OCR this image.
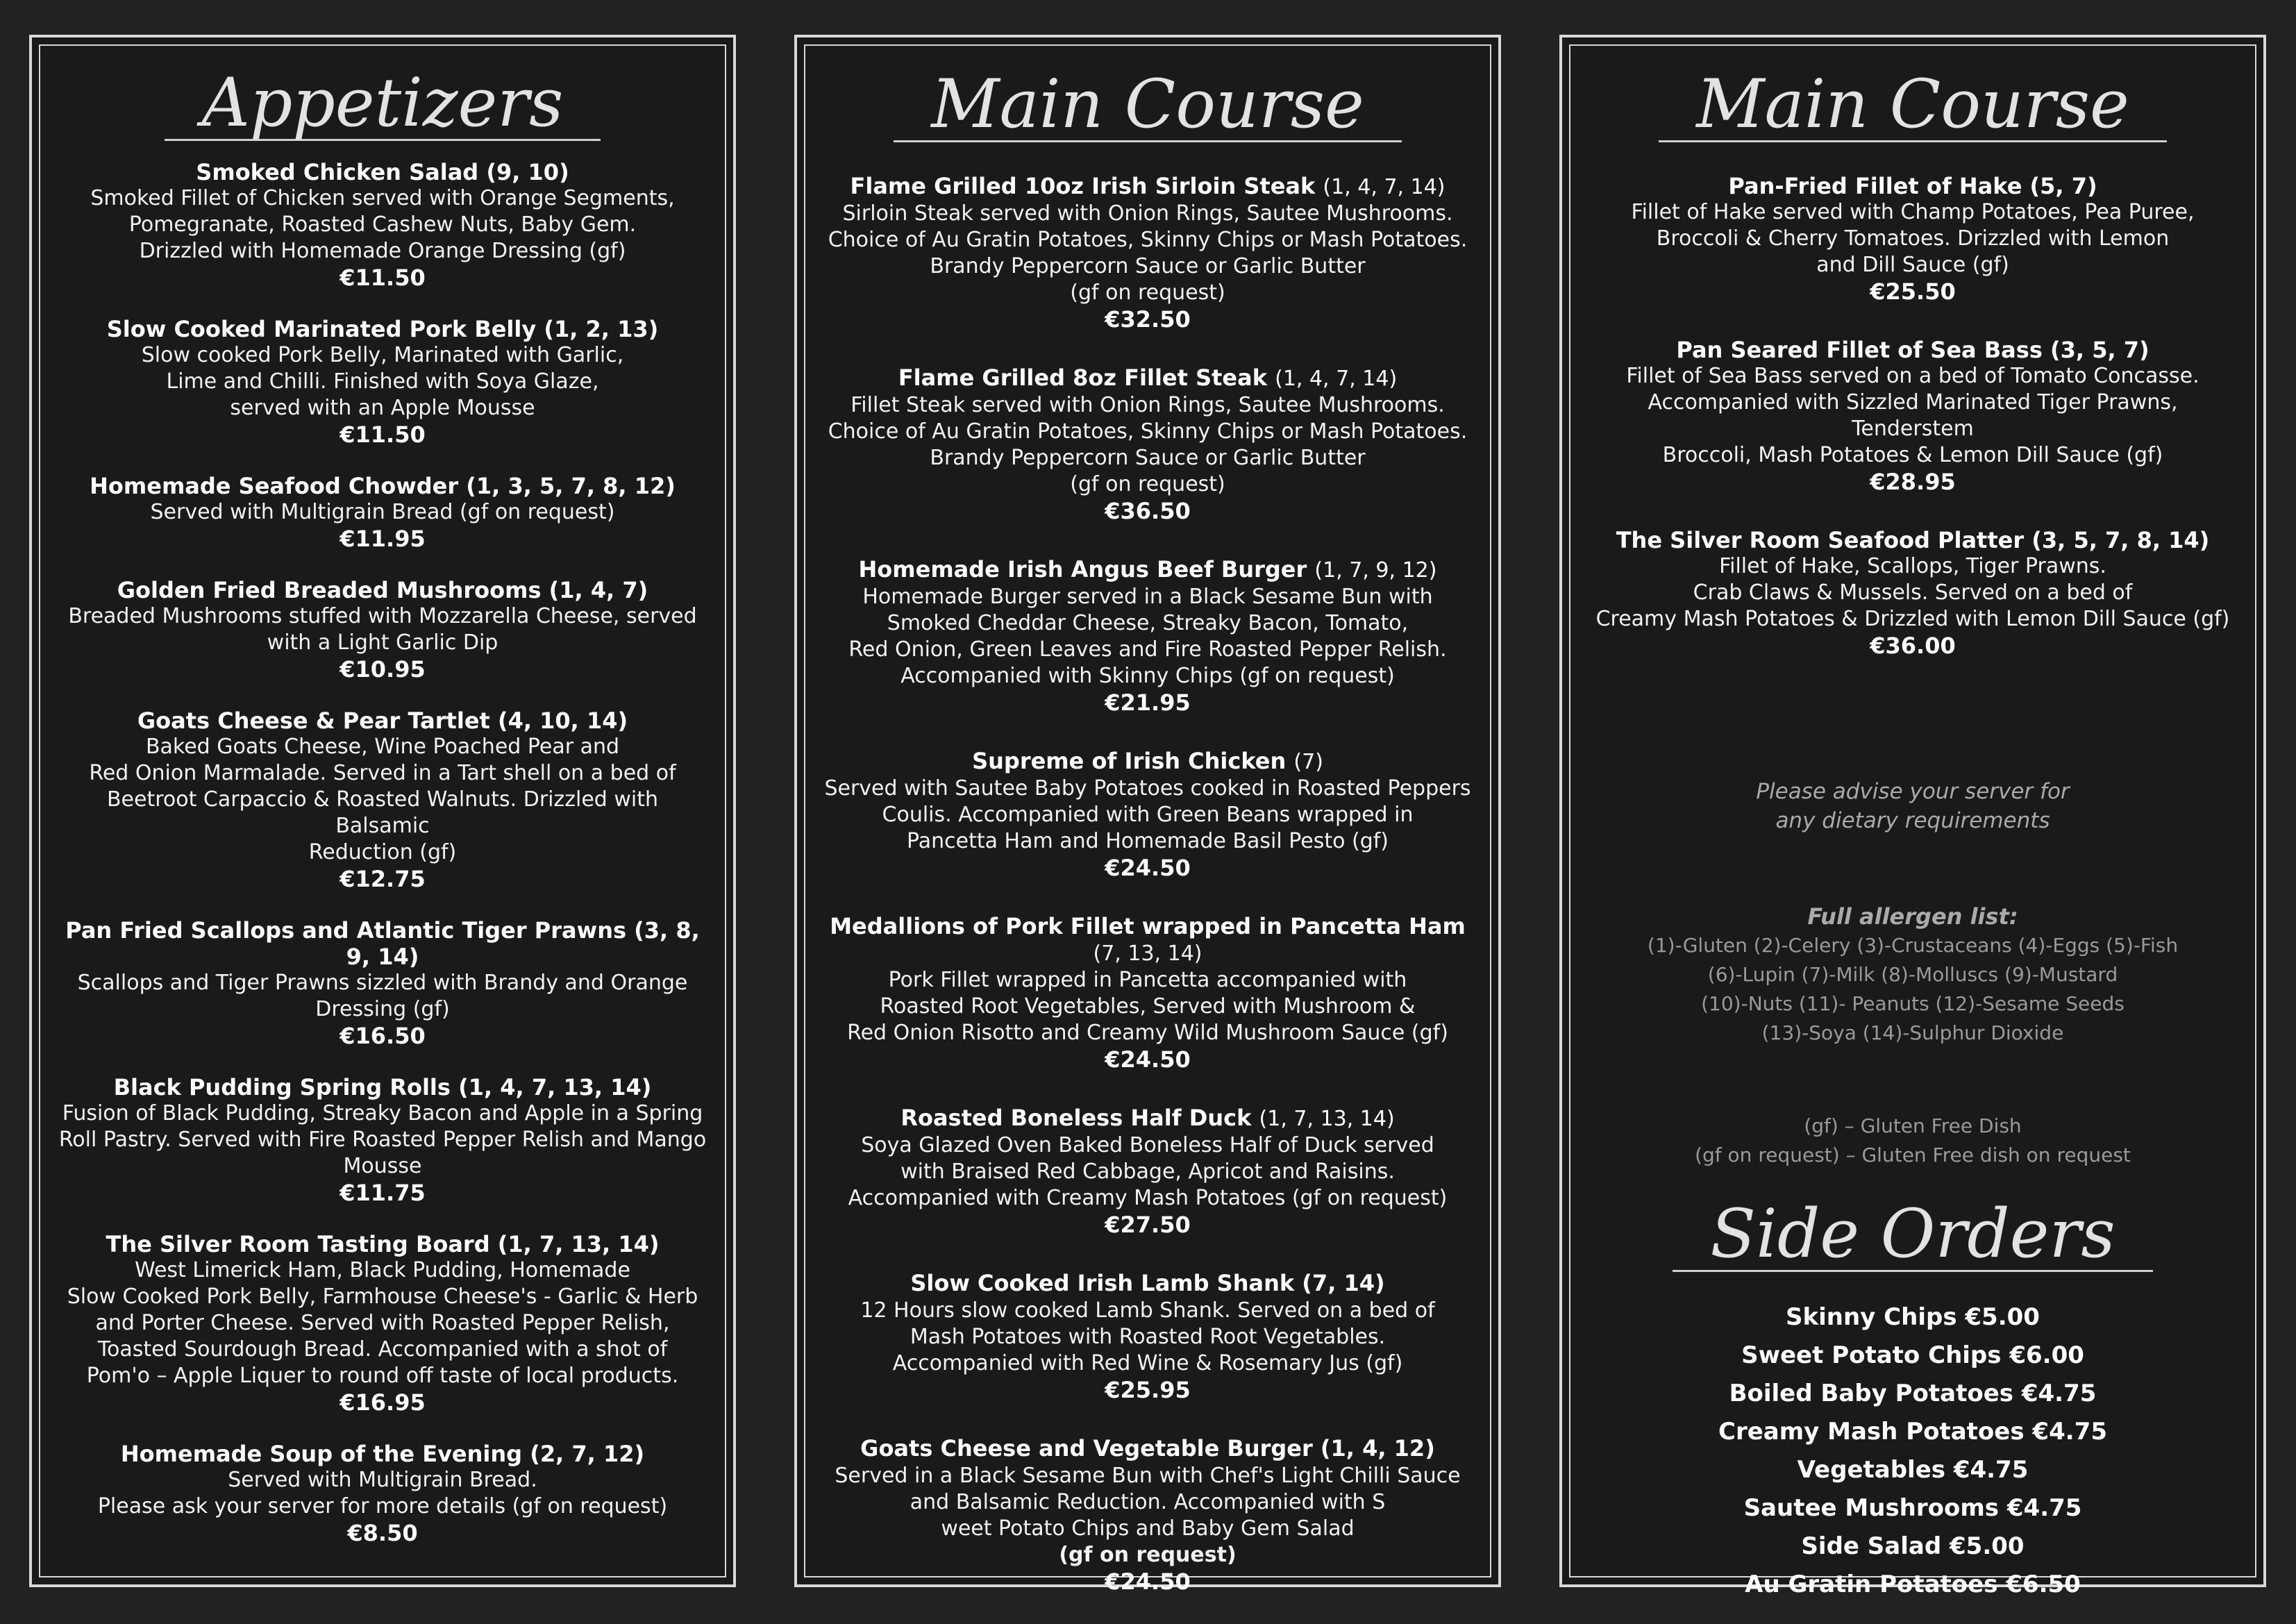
Appetizers
Smoked Chicken Salad (9, 10)
Smoked Fillet of Chicken served with Orange Segments,
Pomegranate, Roasted Cashew Nuts, Baby Gem.
Drizzled with Homemade Orange Dressing (gf)
€11.50
Slow Cooked Marinated Pork Belly (1, 2, 13)
Slow cooked Pork Belly, Marinated with Garlic,
Lime and Chilli. Finished with Soya Glaze,
served with an Apple Mousse
€11.50
Homemade Seafood Chowder (1, 3, 5, 7, 8, 12)
Served with Multigrain Bread (gf on request)
€11.95
Golden Fried Breaded Mushrooms (1, 4, 7)
Breaded Mushrooms stuffed with Mozzarella Cheese, served
with a Light Garlic Dip
€10.95
Goats Cheese & Pear Tartlet (4, 10, 14)
Baked Goats Cheese, Wine Poached Pear and
Red Onion Marmalade. Served in a Tart shell on a bed of
Beetroot Carpaccio & Roasted Walnuts. Drizzled with Balsamic
Reduction (gf)
€12.75
Pan Fried Scallops and Atlantic Tiger Prawns (3, 8, 9, 14)
Scallops and Tiger Prawns sizzled with Brandy and Orange
Dressing (gf)
€16.50
Black Pudding Spring Rolls (1, 4, 7, 13, 14)
Fusion of Black Pudding, Streaky Bacon and Apple in a Spring
Roll Pastry. Served with Fire Roasted Pepper Relish and Mango
Mousse
€11.75
The Silver Room Tasting Board (1, 7, 13, 14)
West Limerick Ham, Black Pudding, Homemade
Slow Cooked Pork Belly, Farmhouse Cheese's - Garlic & Herb
and Porter Cheese. Served with Roasted Pepper Relish,
Toasted Sourdough Bread. Accompanied with a shot of
Pom'o – Apple Liquer to round off taste of local products.
€16.95
Homemade Soup of the Evening (2, 7, 12)
Served with Multigrain Bread.
Please ask your server for more details (gf on request)
€8.50
Main Course
Flame Grilled 10oz Irish Sirloin Steak (1, 4, 7, 14)
Sirloin Steak served with Onion Rings, Sautee Mushrooms.
Choice of Au Gratin Potatoes, Skinny Chips or Mash Potatoes.
Brandy Peppercorn Sauce or Garlic Butter
(gf on request)
€32.50
Flame Grilled 8oz Fillet Steak (1, 4, 7, 14)
Fillet Steak served with Onion Rings, Sautee Mushrooms.
Choice of Au Gratin Potatoes, Skinny Chips or Mash Potatoes.
Brandy Peppercorn Sauce or Garlic Butter
(gf on request)
€36.50
Homemade Irish Angus Beef Burger (1, 7, 9, 12)
Homemade Burger served in a Black Sesame Bun with
Smoked Cheddar Cheese, Streaky Bacon, Tomato,
Red Onion, Green Leaves and Fire Roasted Pepper Relish.
Accompanied with Skinny Chips (gf on request)
€21.95
Supreme of Irish Chicken (7)
Served with Sautee Baby Potatoes cooked in Roasted Peppers
Coulis. Accompanied with Green Beans wrapped in
Pancetta Ham and Homemade Basil Pesto (gf)
€24.50
Medallions of Pork Fillet wrapped in Pancetta Ham
(7, 13, 14)
Pork Fillet wrapped in Pancetta accompanied with
Roasted Root Vegetables, Served with Mushroom &
Red Onion Risotto and Creamy Wild Mushroom Sauce (gf)
€24.50
Roasted Boneless Half Duck (1, 7, 13, 14)
Soya Glazed Oven Baked Boneless Half of Duck served
with Braised Red Cabbage, Apricot and Raisins.
Accompanied with Creamy Mash Potatoes (gf on request)
€27.50
Slow Cooked Irish Lamb Shank (7, 14)
12 Hours slow cooked Lamb Shank. Served on a bed of
Mash Potatoes with Roasted Root Vegetables.
Accompanied with Red Wine & Rosemary Jus (gf)
€25.95
Goats Cheese and Vegetable Burger (1, 4, 12)
Served in a Black Sesame Bun with Chef's Light Chilli Sauce
and Balsamic Reduction. Accompanied with S
weet Potato Chips and Baby Gem Salad
(gf on request)
€24.50
Main Course
Pan-Fried Fillet of Hake (5, 7)
Fillet of Hake served with Champ Potatoes, Pea Puree,
Broccoli & Cherry Tomatoes. Drizzled with Lemon
and Dill Sauce (gf)
€25.50
Pan Seared Fillet of Sea Bass (3, 5, 7)
Fillet of Sea Bass served on a bed of Tomato Concasse.
Accompanied with Sizzled Marinated Tiger Prawns, Tenderstem
Broccoli, Mash Potatoes & Lemon Dill Sauce (gf)
€28.95
The Silver Room Seafood Platter (3, 5, 7, 8, 14)
Fillet of Hake, Scallops, Tiger Prawns.
Crab Claws & Mussels. Served on a bed of
Creamy Mash Potatoes & Drizzled with Lemon Dill Sauce (gf)
€36.00
Please advise your server for
any dietary requirements
Full allergen list:
(1)-Gluten (2)-Celery (3)-Crustaceans (4)-Eggs (5)-Fish
(6)-Lupin (7)-Milk (8)-Molluscs (9)-Mustard
(10)-Nuts (11)- Peanuts (12)-Sesame Seeds
(13)-Soya (14)-Sulphur Dioxide
(gf) – Gluten Free Dish
(gf on request) – Gluten Free dish on request
Side Orders
Skinny Chips €5.00
Sweet Potato Chips €6.00
Boiled Baby Potatoes €4.75
Creamy Mash Potatoes €4.75
Vegetables €4.75
Sautee Mushrooms €4.75
Side Salad €5.00
Au Gratin Potatoes €6.50
